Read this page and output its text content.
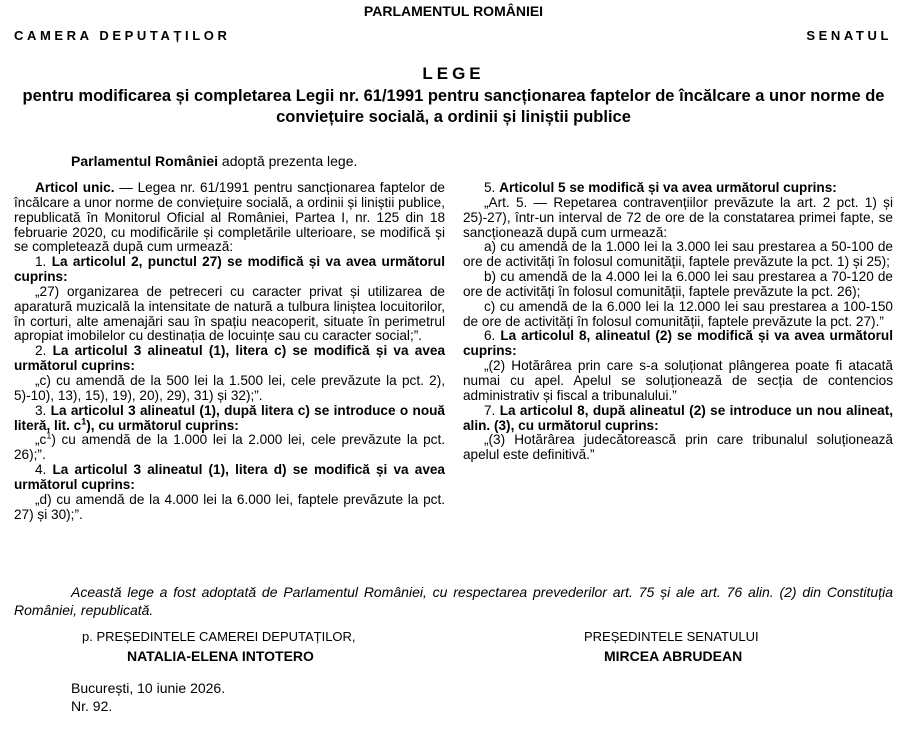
PARLAMENTUL ROMÂNIEI
CAMERA DEPUTAȚILOR	SENATUL
LEGE
pentru modificarea și completarea Legii nr. 61/1991 pentru sancționarea faptelor de încălcare a unor norme de conviețuire socială, a ordinii și liniștii publice
Parlamentul României adoptă prezenta lege.

Articol unic. — Legea nr. 61/1991 pentru sancționarea faptelor de încălcare a unor norme de conviețuire socială, a ordinii și liniștii publice, republicată în Monitorul Oficial al României, Partea I, nr. 125 din 18 februarie 2020, cu modificările și completările ulterioare, se modifică și se completează după cum urmează:

1. La articolul 2, punctul 27) se modifică și va avea următorul cuprins:

„27) organizarea de petreceri cu caracter privat și utilizarea de aparatură muzicală la intensitate de natură a tulbura liniștea locuitorilor, în corturi, alte amenajări sau în spațiu neacoperit, situate în perimetrul apropiat imobilelor cu destinația de locuințe sau cu caracter social;”.

2. La articolul 3 alineatul (1), litera c) se modifică și va avea următorul cuprins:

„c) cu amendă de la 500 lei la 1.500 lei, cele prevăzute la pct. 2), 5)-10), 13), 15), 19), 20), 29), 31) și 32);”.

3. La articolul 3 alineatul (1), după litera c) se introduce o nouă literă, lit. $c^1$), cu următorul cuprins:

$„c^1$) cu amendă de la 1.000 lei la 2.000 lei, cele prevăzute la pct. 26);”.

4. La articolul 3 alineatul (1), litera d) se modifică și va avea următorul cuprins:

„d) cu amendă de la 4.000 lei la 6.000 lei, faptele prevăzute la pct. 27) și 30);”.

5. Articolul 5 se modifică și va avea următorul cuprins:

„Art. 5. — Repetarea contravențiilor prevăzute la art. 2 pct. 1) și 25)-27), într-un interval de 72 de ore de la constatarea primei fapte, se sancționează după cum urmează:

a) cu amendă de la 1.000 lei la 3.000 lei sau prestarea a 50-100 de ore de activități în folosul comunității, faptele prevăzute la pct. 1) și 25);

b) cu amendă de la 4.000 lei la 6.000 lei sau prestarea a 70-120 de ore de activități în folosul comunității, faptele prevăzute la pct. 26);

c) cu amendă de la 6.000 lei la 12.000 lei sau prestarea a 100-150 de ore de activități în folosul comunității, faptele prevăzute la pct. 27).”

6. La articolul 8, alineatul (2) se modifică și va avea următorul cuprins:

„(2) Hotărârea prin care s-a soluționat plângerea poate fi atacată numai cu apel. Apelul se soluționează de secția de contencios administrativ și fiscal a tribunalului.”

7. La articolul 8, după alineatul (2) se introduce un nou alineat, alin. (3), cu următorul cuprins:

„(3) Hotărârea judecătorească prin care tribunalul soluționează apelul este definitivă.”

Această lege a fost adoptată de Parlamentul României, cu respectarea prevederilor art. 75 și ale art. 76 alin. (2) din Constituția României, republicată.

p. PREȘEDINTELE CAMEREI DEPUTAȚILOR,
NATALIA-ELENA INTOTERO
PREȘEDINTELE SENATULUI
MIRCEA ABRUDEAN
București, 10 iunie 2026.
Nr. 92.
